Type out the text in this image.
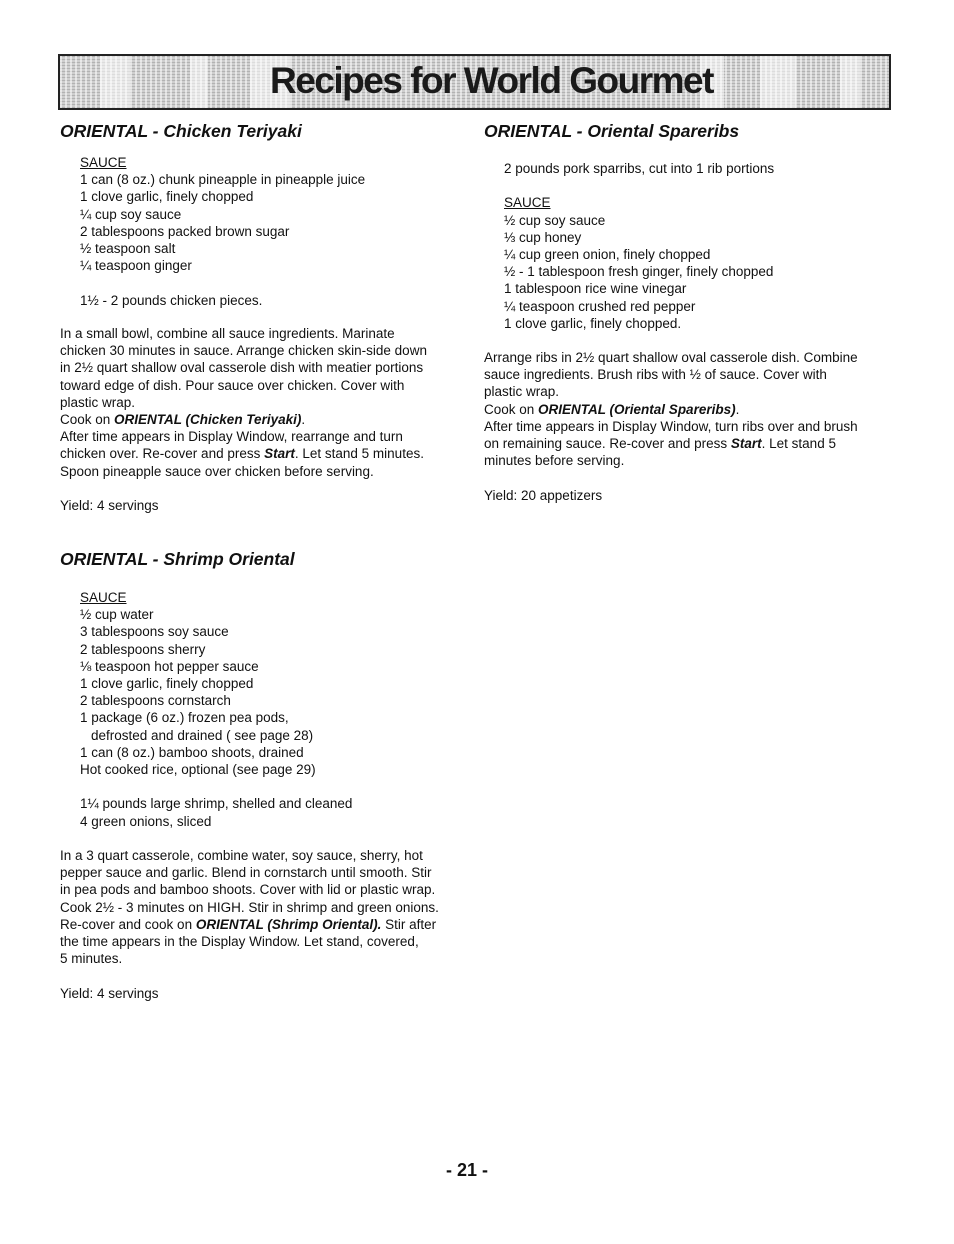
Recipes for World Gourmet
ORIENTAL - Chicken Teriyaki
SAUCE
1 can (8 oz.) chunk pineapple in pineapple juice
1 clove garlic, finely chopped
¼ cup soy sauce
2 tablespoons packed brown sugar
½ teaspoon salt
¼ teaspoon ginger
1½ - 2 pounds chicken pieces.
In a small bowl, combine all sauce ingredients. Marinate
chicken 30 minutes in sauce. Arrange chicken skin-side down
in 2½ quart shallow oval casserole dish with meatier portions
toward edge of dish. Pour sauce over chicken. Cover with
plastic wrap.
Cook on ORIENTAL (Chicken Teriyaki).
After time appears in Display Window, rearrange and turn
chicken over. Re-cover and press Start. Let stand 5 minutes.
Spoon pineapple sauce over chicken before serving.
Yield: 4 servings
ORIENTAL - Oriental Spareribs
2 pounds pork sparribs, cut into 1 rib portions
SAUCE
½ cup soy sauce
⅓ cup honey
¼ cup green onion, finely chopped
½ - 1 tablespoon fresh ginger, finely chopped
1 tablespoon rice wine vinegar
¼ teaspoon crushed red pepper
1 clove garlic, finely chopped.
Arrange ribs in 2½ quart shallow oval casserole dish. Combine
sauce ingredients. Brush ribs with ½ of sauce. Cover with
plastic wrap.
Cook on ORIENTAL (Oriental Spareribs).
After time appears in Display Window, turn ribs over and brush
on remaining sauce. Re-cover and press Start. Let stand 5
minutes before serving.
Yield: 20 appetizers
ORIENTAL - Shrimp Oriental
SAUCE
½ cup water
3 tablespoons soy sauce
2 tablespoons sherry
⅛ teaspoon hot pepper sauce
1 clove garlic, finely chopped
2 tablespoons cornstarch
1 package (6 oz.) frozen pea pods,
defrosted and drained ( see page 28)
1 can (8 oz.) bamboo shoots, drained
Hot cooked rice, optional (see page 29)
1¼ pounds large shrimp, shelled and cleaned
4 green onions, sliced
In a 3 quart casserole, combine water, soy sauce, sherry, hot
pepper sauce and garlic. Blend in cornstarch until smooth. Stir
in pea pods and bamboo shoots. Cover with lid or plastic wrap.
Cook 2½ - 3 minutes on HIGH. Stir in shrimp and green onions.
Re-cover and cook on ORIENTAL (Shrimp Oriental). Stir after
the time appears in the Display Window. Let stand, covered,
5 minutes.
Yield: 4 servings
- 21 -
